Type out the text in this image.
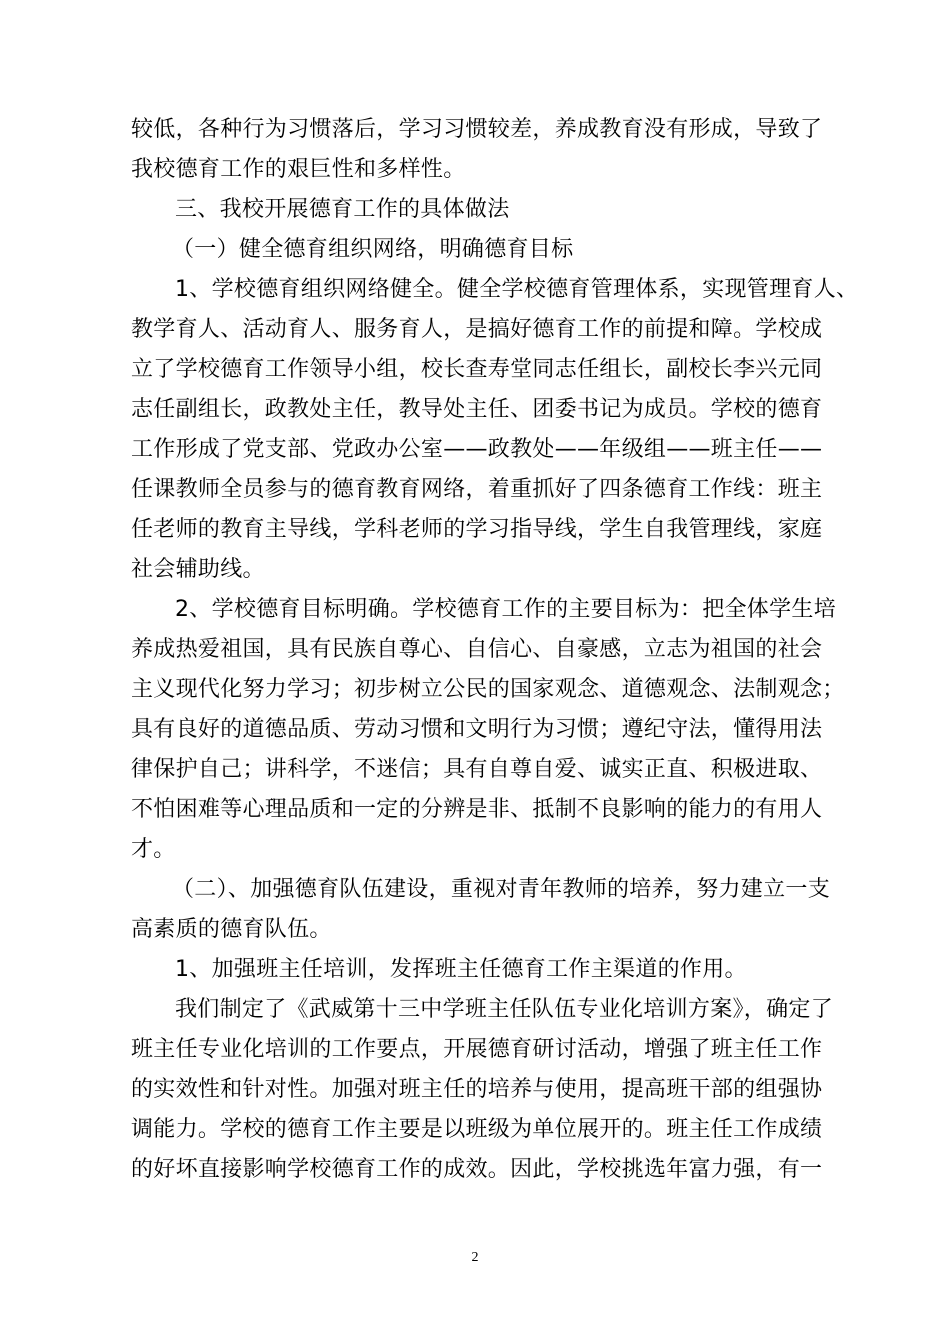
较低，各种行为习惯落后，学习习惯较差，养成教育没有形成，导致了
我校德育工作的艰巨性和多样性。
三、我校开展德育工作的具体做法
（一）健全德育组织网络，明确德育目标
1、学校德育组织网络健全。健全学校德育管理体系，实现管理育人、
教学育人、活动育人、服务育人，是搞好德育工作的前提和障。学校成
立了学校德育工作领导小组，校长查寿堂同志任组长，副校长李兴元同
志任副组长，政教处主任，教导处主任、团委书记为成员。学校的德育
工作形成了党支部、党政办公室——政教处——年级组——班主任——
任课教师全员参与的德育教育网络，着重抓好了四条德育工作线：班主
任老师的教育主导线，学科老师的学习指导线，学生自我管理线，家庭
社会辅助线。
2、学校德育目标明确。学校德育工作的主要目标为：把全体学生培
养成热爱祖国，具有民族自尊心、自信心、自豪感，立志为祖国的社会
主义现代化努力学习；初步树立公民的国家观念、道德观念、法制观念；
具有良好的道德品质、劳动习惯和文明行为习惯；遵纪守法，懂得用法
律保护自己；讲科学，不迷信；具有自尊自爱、诚实正直、积极进取、
不怕困难等心理品质和一定的分辨是非、抵制不良影响的能力的有用人
才。
（二）、加强德育队伍建设，重视对青年教师的培养，努力建立一支
高素质的德育队伍。
1、加强班主任培训，发挥班主任德育工作主渠道的作用。
我们制定了《武威第十三中学班主任队伍专业化培训方案》，确定了
班主任专业化培训的工作要点，开展德育研讨活动，增强了班主任工作
的实效性和针对性。加强对班主任的培养与使用，提高班干部的组强协
调能力。学校的德育工作主要是以班级为单位展开的。班主任工作成绩
的好坏直接影响学校德育工作的成效。因此，学校挑选年富力强，有一
2
